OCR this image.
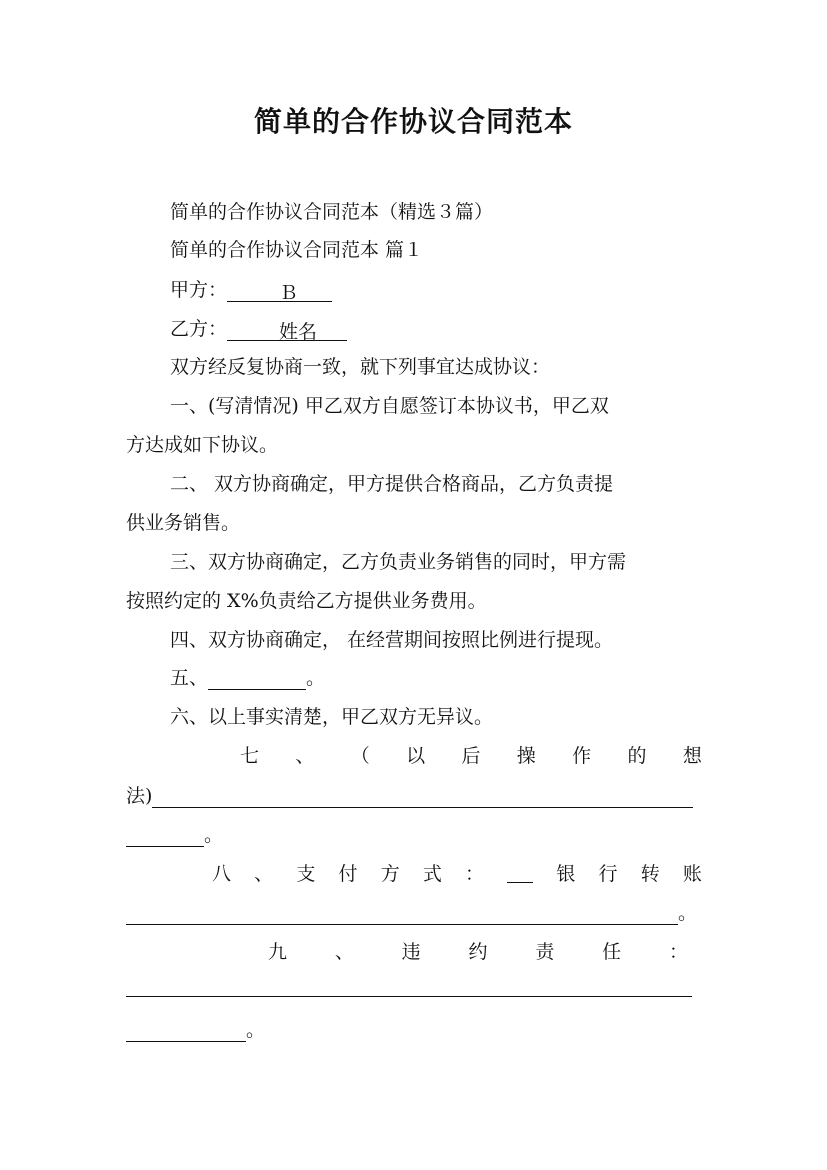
简单的合作协议合同范本
简单的合作协议合同范本（精选３篇）
简单的合作协议合同范本 篇１
甲方：	Ｂ
乙方：	姓名
双方经反复协商一致，就下列事宜达成协议：
一、(写清情况) 甲乙双方自愿签订本协议书，甲乙双
方达成如下协议。
二、 双方协商确定，甲方提供合格商品，乙方负责提
供业务销售。
三、双方协商确定，乙方负责业务销售的同时，甲方需
按照约定的 X%负责给乙方提供业务费用。
四、双方协商确定， 在经营期间按照比例进行提现。
五、	。
六、以上事实清楚，甲乙双方无异议。
七 、 （ 以 后 操 作 的 想
法)
。
八 、 支 付 方 式 ：	银 行 转 账
。
九	、	违	约	责	任	：
。
